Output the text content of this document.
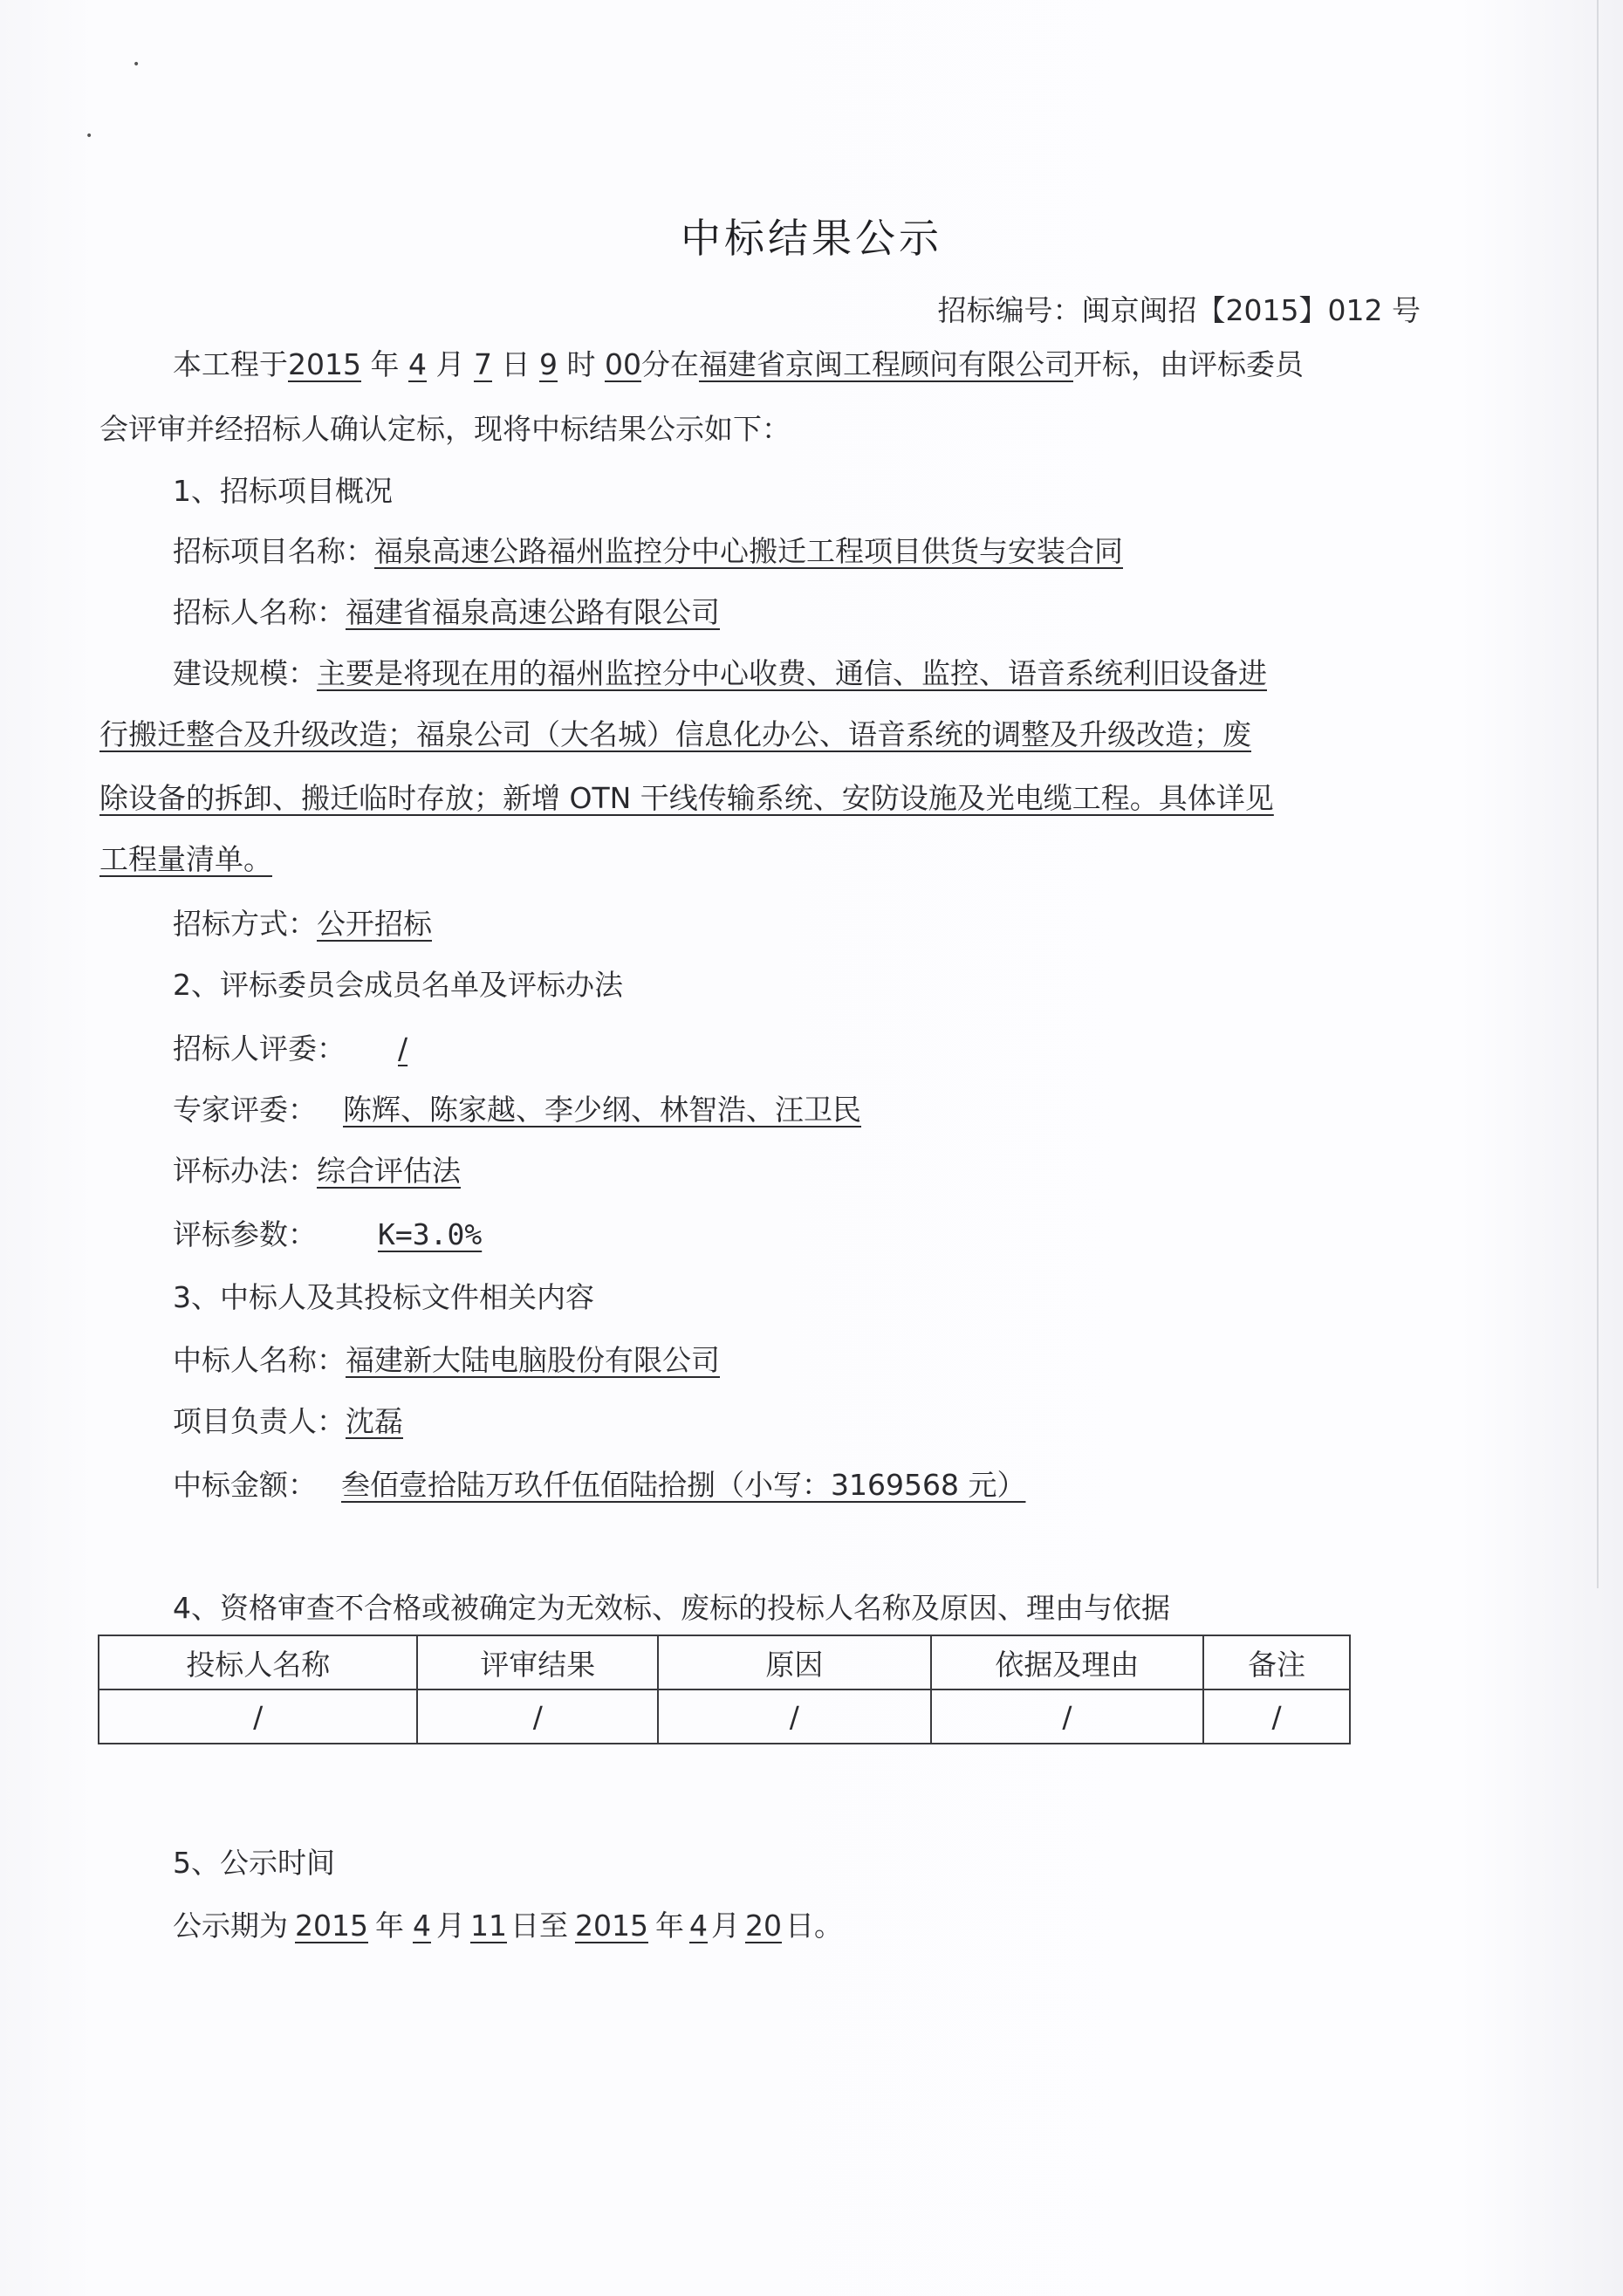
•
•
中标结果公示
招标编号：闽京闽招【2015】012 号
本工程于2015 年 4 月 7 日 9 时 00分在福建省京闽工程顾问有限公司开标，由评标委员
会评审并经招标人确认定标，现将中标结果公示如下：
1、招标项目概况
招标项目名称：福泉高速公路福州监控分中心搬迁工程项目供货与安装合同
招标人名称：福建省福泉高速公路有限公司
建设规模：主要是将现在用的福州监控分中心收费、通信、监控、语音系统利旧设备进
行搬迁整合及升级改造；福泉公司（大名城）信息化办公、语音系统的调整及升级改造；废
除设备的拆卸、搬迁临时存放；新增 OTN 干线传输系统、安防设施及光电缆工程。具体详见
工程量清单。
招标方式：公开招标
2、评标委员会成员名单及评标办法
招标人评委： /
专家评委： 陈辉、陈家越、李少纲、林智浩、汪卫民
评标办法：综合评估法
评标参数： K=3.0%
3、中标人及其投标文件相关内容
中标人名称：福建新大陆电脑股份有限公司
项目负责人：沈磊
中标金额： 叁佰壹拾陆万玖仟伍佰陆拾捌（小写：3169568 元）
4、资格审查不合格或被确定为无效标、废标的投标人名称及原因、理由与依据
投标人名称	评审结果	原因	依据及理由	备注
/	/	/	/	/
5、公示时间
公示期为 2015 年 4 月 11 日至 2015 年 4 月 20 日。
